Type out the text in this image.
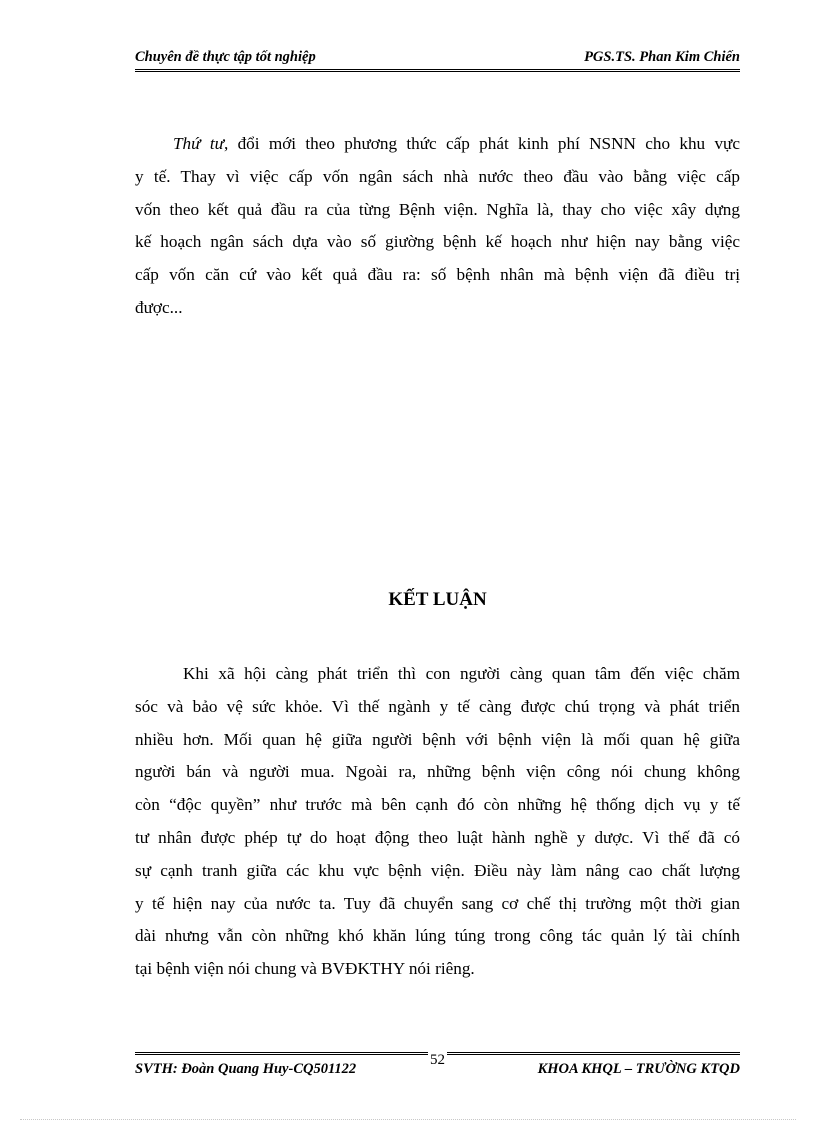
Chuyên đề thực tập tốt nghiệp	PGS.TS. Phan Kim Chiến
Thứ tư, đổi mới theo phương thức cấp phát kinh phí NSNN cho khu vực
y tế. Thay vì việc cấp vốn ngân sách nhà nước theo đầu vào bằng việc cấp
vốn theo kết quả đầu ra của từng Bệnh viện. Nghĩa là, thay cho việc xây dựng
kế hoạch ngân sách dựa vào số giường bệnh kế hoạch như hiện nay bằng việc
cấp vốn căn cứ vào kết quả đầu ra: số bệnh nhân mà bệnh viện đã điều trị
được...
KẾT LUẬN
Khi xã hội càng phát triển thì con người càng quan tâm đến việc chăm
sóc và bảo vệ sức khỏe. Vì thế ngành y tế càng được chú trọng và phát triển
nhiều hơn. Mối quan hệ giữa người bệnh với bệnh viện là mối quan hệ giữa
người bán và người mua. Ngoài ra, những bệnh viện công nói chung không
còn “độc quyền” như trước mà bên cạnh đó còn những hệ thống dịch vụ y tế
tư nhân được phép tự do hoạt động theo luật hành nghề y dược. Vì thế đã có
sự cạnh tranh giữa các khu vực bệnh viện. Điều này làm nâng cao chất lượng
y tế hiện nay của nước ta. Tuy đã chuyển sang cơ chế thị trường một thời gian
dài nhưng vẫn còn những khó khăn lúng túng trong công tác quản lý tài chính
tại bệnh viện nói chung và BVĐKTHY nói riêng.
SVTH: Đoàn Quang Huy-CQ501122
52
KHOA KHQL – TRƯỜNG KTQD
